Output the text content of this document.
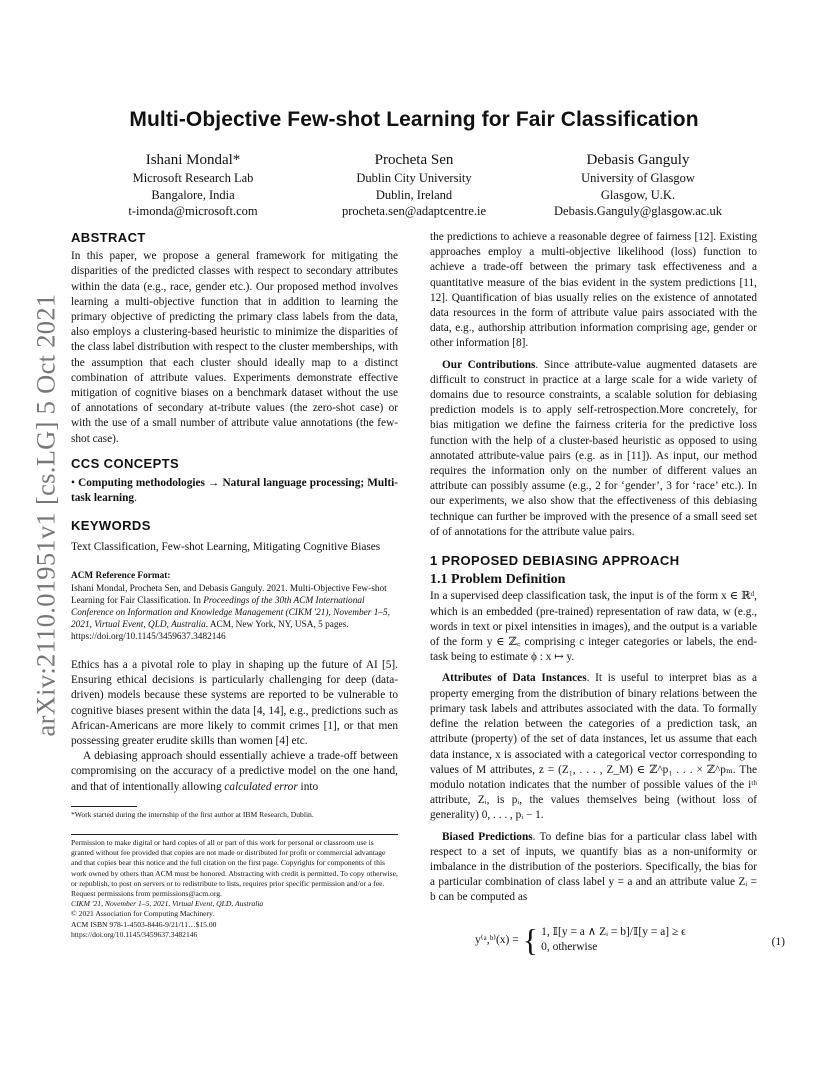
Multi-Objective Few-shot Learning for Fair Classification
Ishani Mondal*
Microsoft Research Lab
Bangalore, India
t-imonda@microsoft.com
Procheta Sen
Dublin City University
Dublin, Ireland
procheta.sen@adaptcentre.ie
Debasis Ganguly
University of Glasgow
Glasgow, U.K.
Debasis.Ganguly@glasgow.ac.uk
arXiv:2110.01951v1 [cs.LG] 5 Oct 2021
ABSTRACT

In this paper, we propose a general framework for mitigating the disparities of the predicted classes with respect to secondary attributes within the data (e.g., race, gender etc.). Our proposed method involves learning a multi-objective function that in addition to learning the primary objective of predicting the primary class labels from the data, also employs a clustering-based heuristic to minimize the disparities of the class label distribution with respect to the cluster memberships, with the assumption that each cluster should ideally map to a distinct combination of attribute values. Experiments demonstrate effective mitigation of cognitive biases on a benchmark dataset without the use of annotations of secondary at-tribute values (the zero-shot case) or with the use of a small number of attribute value annotations (the few-shot case).

CCS CONCEPTS

• Computing methodologies → Natural language processing; Multi-task learning.

KEYWORDS

Text Classification, Few-shot Learning, Mitigating Cognitive Biases

ACM Reference Format:
Ishani Mondal, Procheta Sen, and Debasis Ganguly. 2021. Multi-Objective Few-shot Learning for Fair Classification. In Proceedings of the 30th ACM International Conference on Information and Knowledge Management (CIKM '21), November 1–5, 2021, Virtual Event, QLD, Australia. ACM, New York, NY, USA, 5 pages. https://doi.org/10.1145/3459637.3482146

Ethics has a a pivotal role to play in shaping up the future of AI [5]. Ensuring ethical decisions is particularly challenging for deep (data-driven) models because these systems are reported to be vulnerable to cognitive biases present within the data [4, 14], e.g., predictions such as African-Americans are more likely to commit crimes [1], or that men possessing greater erudite skills than women [4] etc.

A debiasing approach should essentially achieve a trade-off between compromising on the accuracy of a predictive model on the one hand, and that of intentionally allowing calculated error into

*Work started during the internship of the first author at IBM Research, Dublin.
Permission to make digital or hard copies of all or part of this work for personal or classroom use is granted without fee provided that copies are not made or distributed for profit or commercial advantage and that copies bear this notice and the full citation on the first page. Copyrights for components of this work owned by others than ACM must be honored. Abstracting with credit is permitted. To copy otherwise, or republish, to post on servers or to redistribute to lists, requires prior specific permission and/or a fee. Request permissions from permissions@acm.org.
CIKM '21, November 1–5, 2021, Virtual Event, QLD, Australia
© 2021 Association for Computing Machinery.
ACM ISBN 978-1-4503-8446-9/21/11…$15.00
https://doi.org/10.1145/3459637.3482146

the predictions to achieve a reasonable degree of fairness [12]. Existing approaches employ a multi-objective likelihood (loss) function to achieve a trade-off between the primary task effectiveness and a quantitative measure of the bias evident in the system predictions [11, 12]. Quantification of bias usually relies on the existence of annotated data resources in the form of attribute value pairs associated with the data, e.g., authorship attribution information comprising age, gender or other information [8].

Our Contributions. Since attribute-value augmented datasets are difficult to construct in practice at a large scale for a wide variety of domains due to resource constraints, a scalable solution for debiasing prediction models is to apply self-retrospection.More concretely, for bias mitigation we define the fairness criteria for the predictive loss function with the help of a cluster-based heuristic as opposed to using annotated attribute-value pairs (e.g. as in [11]). As input, our method requires the information only on the number of different values an attribute can possibly assume (e.g., 2 for ‘gender’, 3 for ‘race’ etc.). In our experiments, we also show that the effectiveness of this debiasing technique can further be improved with the presence of a small seed set of of annotations for the attribute value pairs.

1 PROPOSED DEBIASING APPROACH
1.1 Problem Definition

In a supervised deep classification task, the input is of the form x ∈ ℝᵈ, which is an embedded (pre-trained) representation of raw data, w (e.g., words in text or pixel intensities in images), and the output is a variable of the form y ∈ ℤ꜀ comprising c integer categories or labels, the end-task being to estimate ϕ : x ↦ y.

Attributes of Data Instances. It is useful to interpret bias as a property emerging from the distribution of binary relations between the primary task labels and attributes associated with the data. To formally define the relation between the categories of a prediction task, an attribute (property) of the set of data instances, let us assume that each data instance, x is associated with a categorical vector corresponding to values of M attributes, z = (Z₁, . . . , Z_M) ∈ ℤ^p₁ . . . × ℤ^pₘ. The modulo notation indicates that the number of possible values of the iᵗʰ attribute, Zᵢ, is pᵢ, the values themselves being (without loss of generality) 0, . . . , pᵢ − 1.

Biased Predictions. To define bias for a particular class label with respect to a set of inputs, we quantify bias as a non-uniformity or imbalance in the distribution of the posteriors. Specifically, the bias for a particular combination of class label y = a and an attribute value Zᵢ = b can be computed as

y⁽ᵃ,ᵇ⁾(x) = { 1, 𝕀[y = a ∧ Zᵢ = b]/𝕀[y = a] ≥ ϵ
0, otherwise	(1)
